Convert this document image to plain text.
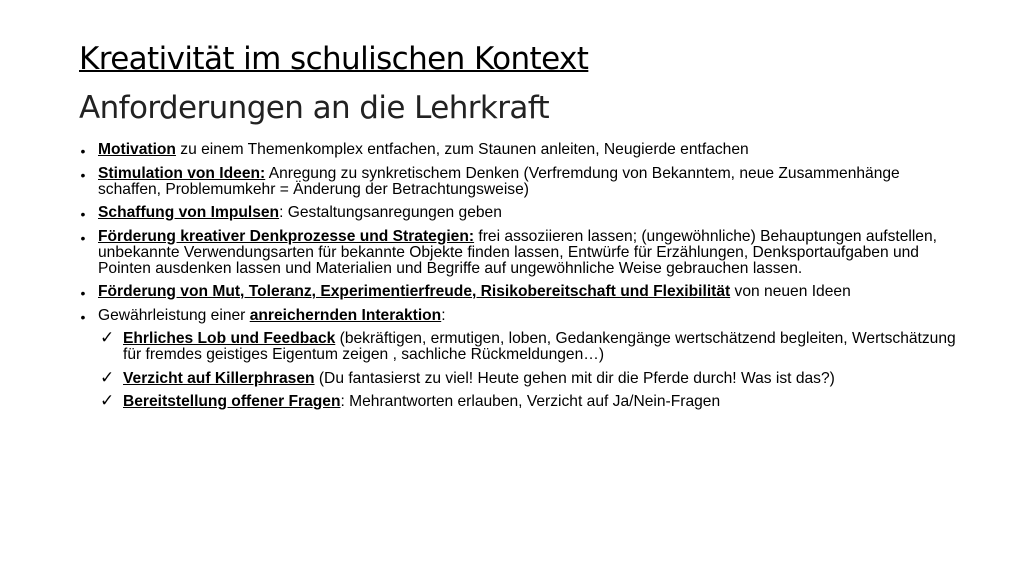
Kreativität im schulischen Kontext
Anforderungen an die Lehrkraft
• Motivation zu einem Themenkomplex entfachen, zum Staunen anleiten, Neugierde entfachen
• Stimulation von Ideen: Anregung zu synkretischem Denken (Verfremdung von Bekanntem, neue Zusammenhänge schaffen, Problemumkehr = Änderung der Betrachtungsweise)
• Schaffung von Impulsen: Gestaltungsanregungen geben
• Förderung kreativer Denkprozesse und Strategien: frei assoziieren lassen; (ungewöhnliche) Behauptungen aufstellen, unbekannte Verwendungsarten für bekannte Objekte finden lassen, Entwürfe für Erzählungen, Denksportaufgaben und Pointen ausdenken lassen und Materialien und Begriffe auf ungewöhnliche Weise gebrauchen lassen.
• Förderung von Mut, Toleranz, Experimentierfreude, Risikobereitschaft und Flexibilität von neuen Ideen
• Gewährleistung einer anreichernden Interaktion:
✓ Ehrliches Lob und Feedback (bekräftigen, ermutigen, loben, Gedankengänge wertschätzend begleiten, Wertschätzung für fremdes geistiges Eigentum zeigen , sachliche Rückmeldungen…)
✓ Verzicht auf Killerphrasen (Du fantasierst zu viel! Heute gehen mit dir die Pferde durch! Was ist das?)
✓ Bereitstellung offener Fragen: Mehrantworten erlauben, Verzicht auf Ja/Nein-Fragen
